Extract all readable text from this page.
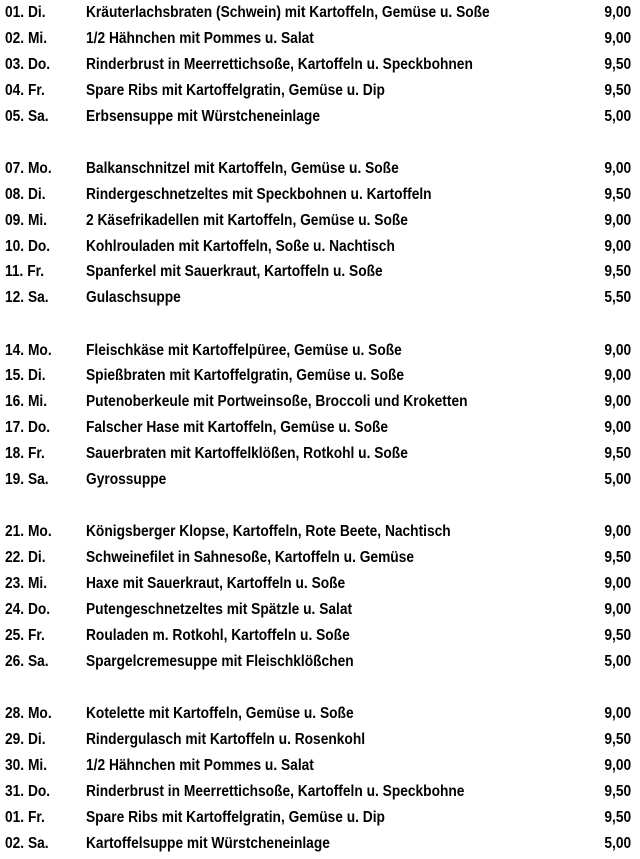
01. Di.	Kräuterlachsbraten (Schwein) mit Kartoffeln, Gemüse u. Soße	9,00
02. Mi. 1/2 Hähnchen mit Pommes u. Salat	9,00
03. Do. Rinderbrust in Meerrettichsoße, Kartoffeln u. Speckbohnen	9,50
04. Fr.	Spare Ribs mit Kartoffelgratin, Gemüse u. Dip	9,50
05. Sa. Erbsensuppe mit Würstcheneinlage	5,00
07. Mo. Balkanschnitzel mit Kartoffeln, Gemüse u. Soße	9,00
08. Di.	Rindergeschnetzeltes mit Speckbohnen u. Kartoffeln	9,50
09. Mi. 2 Käsefrikadellen mit Kartoffeln, Gemüse u. Soße	9,00
10. Do. Kohlrouladen mit Kartoffeln, Soße u. Nachtisch	9,00
11. Fr.	Spanferkel mit Sauerkraut, Kartoffeln u. Soße	9,50
12. Sa. Gulaschsuppe	5,50
14. Mo. Fleischkäse mit Kartoffelpüree, Gemüse u. Soße	9,00
15. Di.	Spießbraten mit Kartoffelgratin, Gemüse u. Soße	9,00
16. Mi. Putenoberkeule mit Portweinsoße, Broccoli und Kroketten	9,00
17. Do. Falscher Hase mit Kartoffeln, Gemüse u. Soße	9,00
18. Fr.	Sauerbraten mit Kartoffelklößen, Rotkohl u. Soße	9,50
19. Sa. Gyrossuppe	5,00
21. Mo. Königsberger Klopse, Kartoffeln, Rote Beete, Nachtisch	9,00
22. Di.	Schweinefilet in Sahnesoße, Kartoffeln u. Gemüse	9,50
23. Mi. Haxe mit Sauerkraut, Kartoffeln u. Soße	9,00
24. Do. Putengeschnetzeltes mit Spätzle u. Salat	9,00
25. Fr.	Rouladen m. Rotkohl, Kartoffeln u. Soße	9,50
26. Sa. Spargelcremesuppe mit Fleischklößchen	5,00
28. Mo. Kotelette mit Kartoffeln, Gemüse u. Soße	9,00
29. Di.	Rindergulasch mit Kartoffeln u. Rosenkohl	9,50
30. Mi. 1/2 Hähnchen mit Pommes u. Salat	9,00
31. Do. Rinderbrust in Meerrettichsoße, Kartoffeln u. Speckbohne	9,50
01. Fr.	Spare Ribs mit Kartoffelgratin, Gemüse u. Dip	9,50
02. Sa. Kartoffelsuppe mit Würstcheneinlage	5,00
